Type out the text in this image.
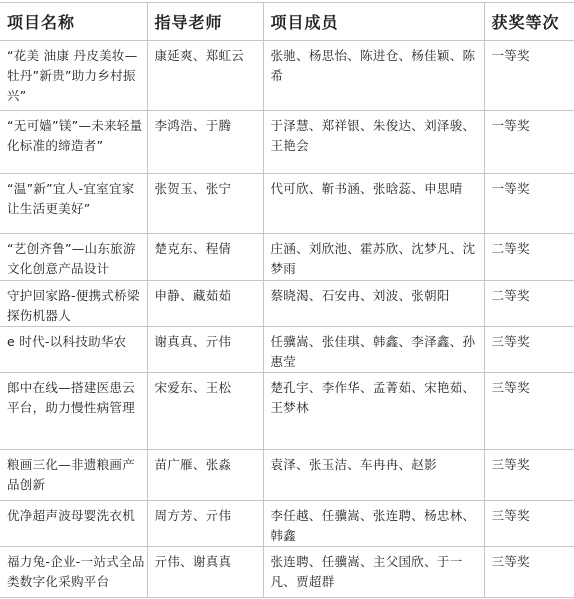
项目名称	指导老师	项目成员	获奖等次
“花美 油康 丹皮美妆—牡丹”新贵”助力乡村振兴”	康延爽、郑虹云	张驰、杨思怡、陈进仓、杨佳颖、陈希	一等奖
“无可嫱”镁”—未来轻量化标准的缔造者”	李鸿浩、于腾	于泽慧、郑祥银、朱俊达、刘泽骏、王艳会	一等奖
“温”新”宜人-宜室宜家让生活更美好”	张贺玉、张宁	代可欣、靳书涵、张晗蕊、申思晴	一等奖
“艺创齐鲁”—山东旅游文化创意产品设计	楚克东、程倩	庄涵、刘欣池、霍苏欣、沈梦凡、沈梦雨	二等奖
守护回家路-便携式桥梁探伤机器人	申静、藏茹茹	蔡晓渴、石安冉、刘波、张朝阳	二等奖
e 时代-以科技助华农	谢真真、亓伟	任骥嵩、张佳琪、韩鑫、李泽鑫、孙惠莹	三等奖
郎中在线—搭建医患云平台，助力慢性病管理	宋爱东、王松	楚孔宇、李作华、孟菁茹、宋艳茹、王梦林	三等奖
粮画三化—非遗粮画产品创新	苗广雁、张淼	袁泽、张玉洁、车冉冉、赵影	三等奖
优净超声波母婴洗衣机	周方芳、亓伟	李任越、任骥嵩、张连聘、杨忠林、韩鑫	三等奖
福力兔-企业-一站式全品类数字化采购平台	亓伟、谢真真	张连聘、任骥嵩、主父国欣、于一凡、贾超群	三等奖
